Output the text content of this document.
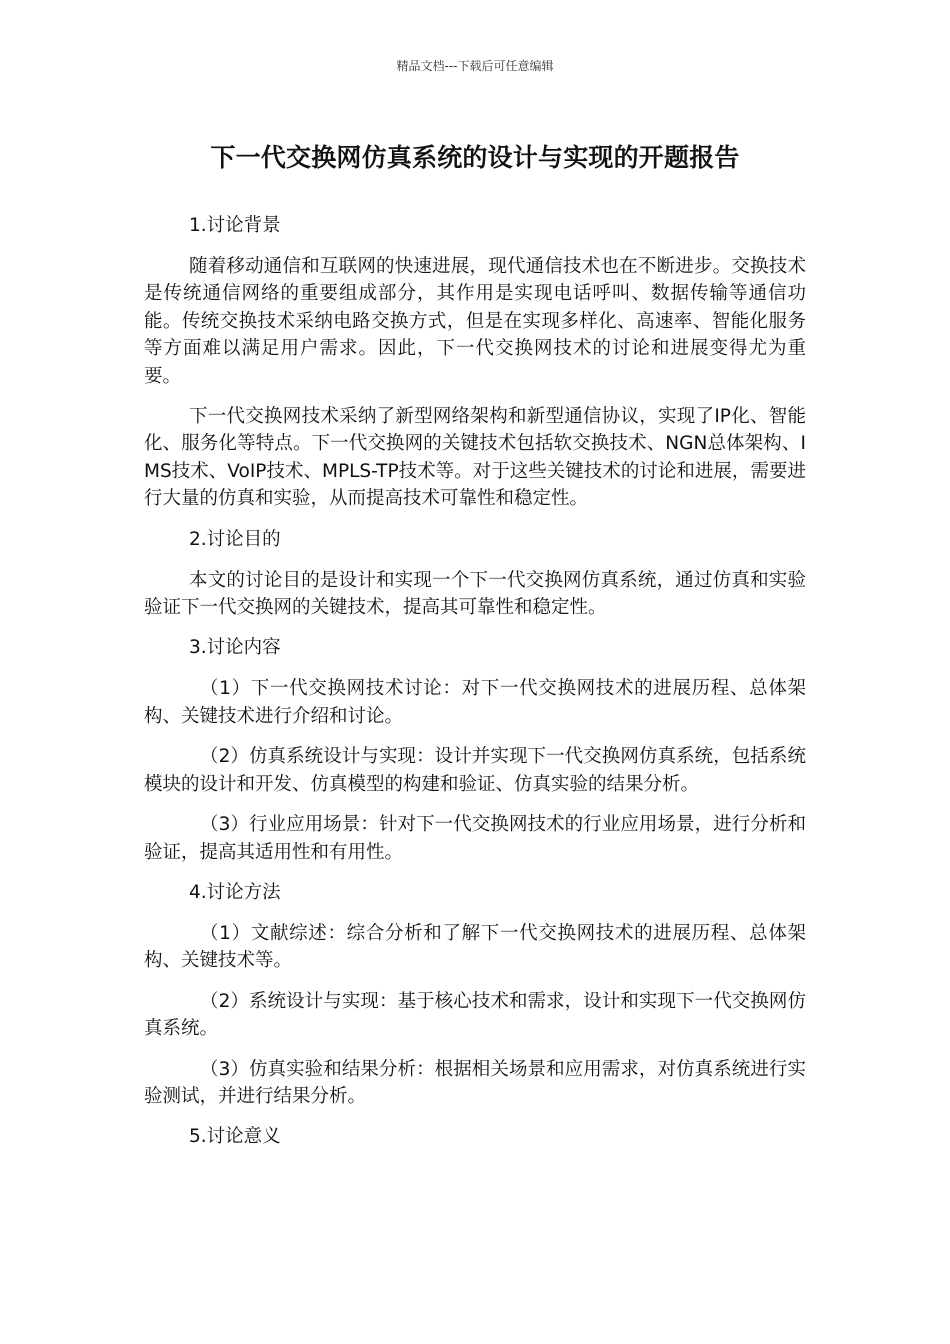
精品文档---下载后可任意编辑
下一代交换网仿真系统的设计与实现的开题报告

1.讨论背景

随着移动通信和互联网的快速进展，现代通信技术也在不断进步。交换技术是传统通信网络的重要组成部分，其作用是实现电话呼叫、数据传输等通信功能。传统交换技术采纳电路交换方式，但是在实现多样化、高速率、智能化服务等方面难以满足用户需求。因此，下一代交换网技术的讨论和进展变得尤为重要。

下一代交换网技术采纳了新型网络架构和新型通信协议，实现了IP化、智能化、服务化等特点。下一代交换网的关键技术包括软交换技术、NGN总体架构、IMS技术、VoIP技术、MPLS-TP技术等。对于这些关键技术的讨论和进展，需要进行大量的仿真和实验，从而提高技术可靠性和稳定性。

2.讨论目的

本文的讨论目的是设计和实现一个下一代交换网仿真系统，通过仿真和实验验证下一代交换网的关键技术，提高其可靠性和稳定性。

3.讨论内容

（1）下一代交换网技术讨论：对下一代交换网技术的进展历程、总体架构、关键技术进行介绍和讨论。

（2）仿真系统设计与实现：设计并实现下一代交换网仿真系统，包括系统模块的设计和开发、仿真模型的构建和验证、仿真实验的结果分析。

（3）行业应用场景：针对下一代交换网技术的行业应用场景，进行分析和验证，提高其适用性和有用性。

4.讨论方法

（1）文献综述：综合分析和了解下一代交换网技术的进展历程、总体架构、关键技术等。

（2）系统设计与实现：基于核心技术和需求，设计和实现下一代交换网仿真系统。

（3）仿真实验和结果分析：根据相关场景和应用需求，对仿真系统进行实验测试，并进行结果分析。

5.讨论意义
